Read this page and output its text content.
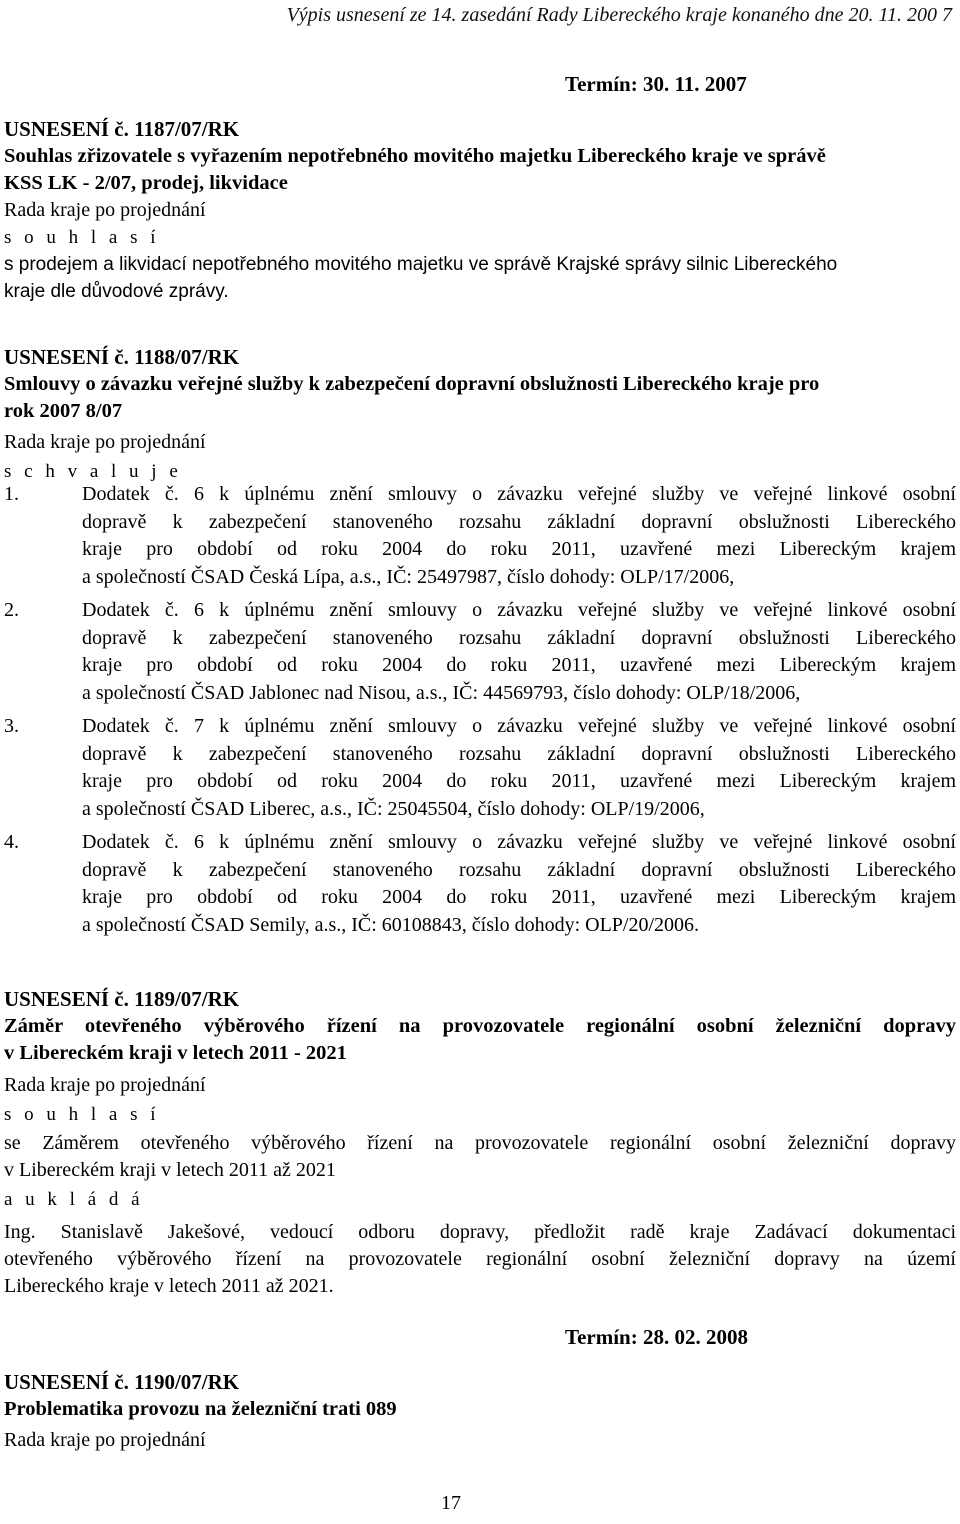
Výpis usnesení ze 14. zasedání Rady Libereckého kraje konaného dne 20. 11. 200 7
Termín: 30. 11. 2007
USNESENÍ č. 1187/07/RK
Souhlas zřizovatele s vyřazením nepotřebného movitého majetku Libereckého kraje ve správě
KSS LK - 2/07, prodej, likvidace
Rada kraje po projednání
s o u h l a s í
s prodejem a likvidací nepotřebného movitého majetku ve správě Krajské správy silnic Libereckého
kraje dle důvodové zprávy.
USNESENÍ č. 1188/07/RK
Smlouvy o závazku veřejné služby k zabezpečení dopravní obslužnosti Libereckého kraje pro
rok 2007 8/07
Rada kraje po projednání
s c h v a l u j e
1.	Dodatek č. 6 k úplnému znění smlouvy o závazku veřejné služby ve veřejné linkové osobní
dopravě k zabezpečení stanoveného rozsahu základní dopravní obslužnosti Libereckého
kraje pro období od roku 2004 do roku 2011, uzavřené mezi Libereckým krajem
a společností ČSAD Česká Lípa, a.s., IČ: 25497987, číslo dohody: OLP/17/2006,
2.	Dodatek č. 6 k úplnému znění smlouvy o závazku veřejné služby ve veřejné linkové osobní
dopravě k zabezpečení stanoveného rozsahu základní dopravní obslužnosti Libereckého
kraje pro období od roku 2004 do roku 2011, uzavřené mezi Libereckým krajem
a společností ČSAD Jablonec nad Nisou, a.s., IČ: 44569793, číslo dohody: OLP/18/2006,
3.	Dodatek č. 7 k úplnému znění smlouvy o závazku veřejné služby ve veřejné linkové osobní
dopravě k zabezpečení stanoveného rozsahu základní dopravní obslužnosti Libereckého
kraje pro období od roku 2004 do roku 2011, uzavřené mezi Libereckým krajem
a společností ČSAD Liberec, a.s., IČ: 25045504, číslo dohody: OLP/19/2006,
4.	Dodatek č. 6 k úplnému znění smlouvy o závazku veřejné služby ve veřejné linkové osobní
dopravě k zabezpečení stanoveného rozsahu základní dopravní obslužnosti Libereckého
kraje pro období od roku 2004 do roku 2011, uzavřené mezi Libereckým krajem
a společností ČSAD Semily, a.s., IČ: 60108843, číslo dohody: OLP/20/2006.
USNESENÍ č. 1189/07/RK
Záměr otevřeného výběrového řízení na provozovatele regionální osobní železniční dopravy
v Libereckém kraji v letech 2011 - 2021
Rada kraje po projednání
s o u h l a s í
se Záměrem otevřeného výběrového řízení na provozovatele regionální osobní železniční dopravy
v Libereckém kraji v letech 2011 až 2021
a u k l á d á
Ing. Stanislavě Jakešové, vedoucí odboru dopravy, předložit radě kraje Zadávací dokumentaci
otevřeného výběrového řízení na provozovatele regionální osobní železniční dopravy na území
Libereckého kraje v letech 2011 až 2021.
Termín: 28. 02. 2008
USNESENÍ č. 1190/07/RK
Problematika provozu na železniční trati 089
Rada kraje po projednání
17
